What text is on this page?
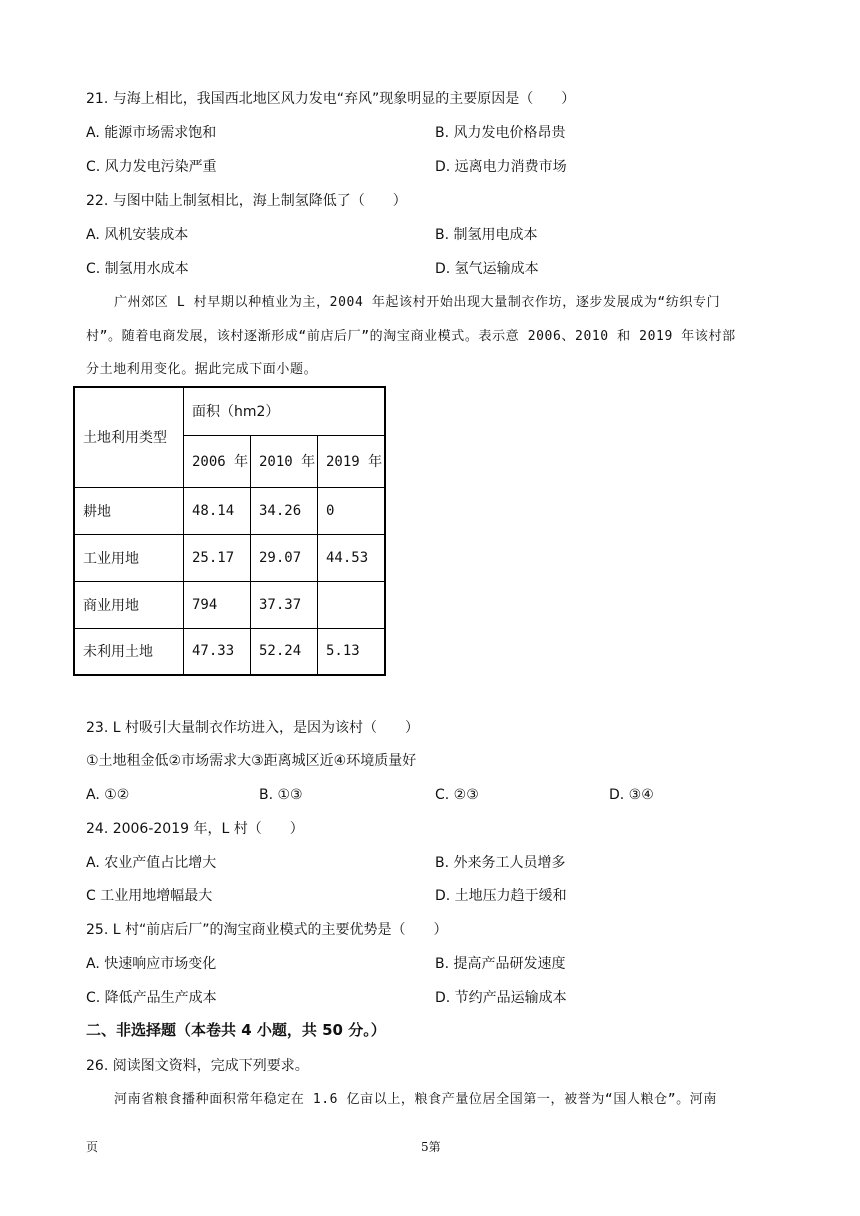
21. 与海上相比，我国西北地区风力发电“弃风”现象明显的主要原因是（　　）
A. 能源市场需求饱和	B. 风力发电价格昂贵
C. 风力发电污染严重	D. 远离电力消费市场
22. 与图中陆上制氢相比，海上制氢降低了（　　）
A. 风机安装成本	B. 制氢用电成本
C. 制氢用水成本	D. 氢气运输成本
广州郊区 L 村早期以种植业为主，2004 年起该村开始出现大量制衣作坊，逐步发展成为“纺织专门
村”。随着电商发展，该村逐渐形成“前店后厂”的淘宝商业模式。表示意 2006、2010 和 2019 年该村部
分土地利用变化。据此完成下面小题。
土地利用类型	面积（hm2）		
	2006 年	2010 年	2019 年
耕地	48.14	34.26	0
工业用地	25.17	29.07	44.53
商业用地	794	37.37	
未利用土地	47.33	52.24	5.13
23. L 村吸引大量制衣作坊进入，是因为该村（　　）
①土地租金低②市场需求大③距离城区近④环境质量好
A. ①②	B. ①③	C. ②③	D. ③④
24. 2006-2019 年，L 村（　　）
A. 农业产值占比增大	B. 外来务工人员增多
C 工业用地增幅最大	D. 土地压力趋于缓和
25. L 村“前店后厂”的淘宝商业模式的主要优势是（　　）
A. 快速响应市场变化	B. 提高产品研发速度
C. 降低产品生产成本	D. 节约产品运输成本
二、非选择题（本卷共 4 小题，共 50 分。）
26. 阅读图文资料，完成下列要求。
河南省粮食播种面积常年稳定在 1.6 亿亩以上，粮食产量位居全国第一，被誉为“国人粮仓”。河南
页	5第
